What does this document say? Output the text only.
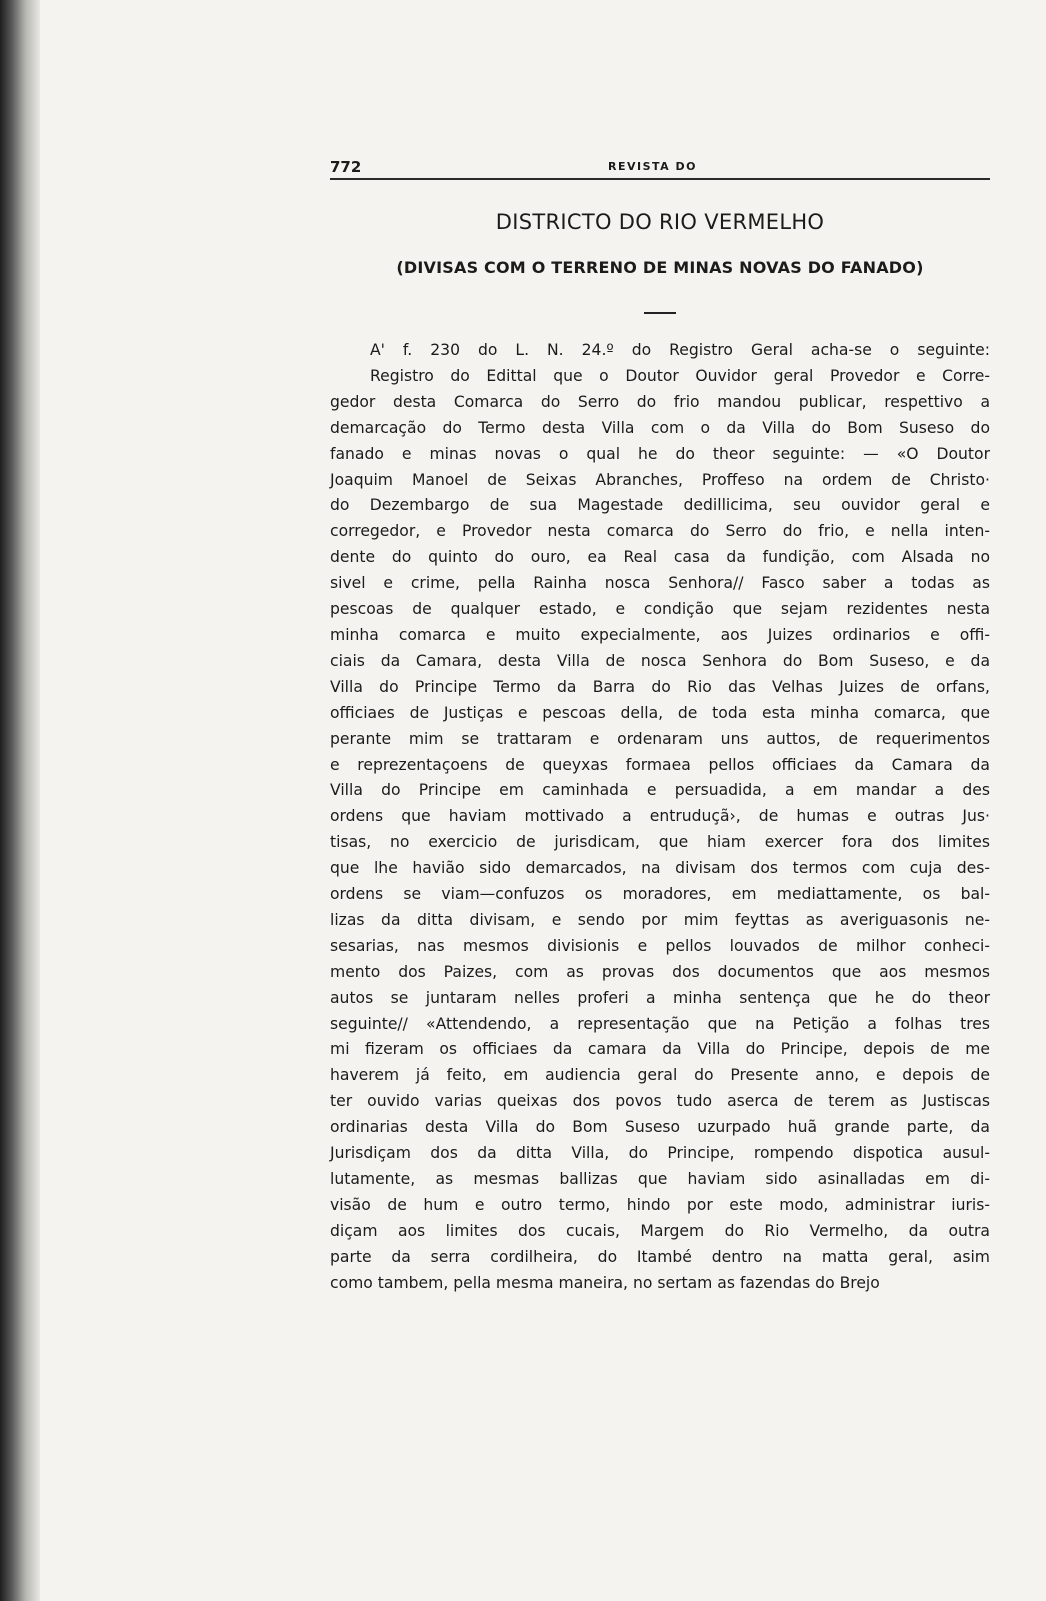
772	REVISTA DO
DISTRICTO DO RIO VERMELHO
(DIVISAS COM O TERRENO DE MINAS NOVAS DO FANADO)
A' f. 230 do L. N. 24.º do Registro Geral acha-se o seguinte:
Registro do Edittal que o Doutor Ouvidor geral Provedor e Corre-
gedor desta Comarca do Serro do frio mandou publicar, respettivo a
demarcação do Termo desta Villa com o da Villa do Bom Suseso do
fanado e minas novas o qual he do theor seguinte: — «O Doutor
Joaquim Manoel de Seixas Abranches, Proffeso na ordem de Christo·
do Dezembargo de sua Magestade dedillicima, seu ouvidor geral e
corregedor, e Provedor nesta comarca do Serro do frio, e nella inten-
dente do quinto do ouro, ea Real casa da fundição, com Alsada no
sivel e crime, pella Rainha nosca Senhora// Fasco saber a todas as
pescoas de qualquer estado, e condição que sejam rezidentes nesta
minha comarca e muito expecialmente, aos Juizes ordinarios e offi-
ciais da Camara, desta Villa de nosca Senhora do Bom Suseso, e da
Villa do Principe Termo da Barra do Rio das Velhas Juizes de orfans,
officiaes de Justiças e pescoas della, de toda esta minha comarca, que
perante mim se trattaram e ordenaram uns auttos, de requerimentos
e reprezentaçoens de queyxas formaea pellos officiaes da Camara da
Villa do Principe em caminhada e persuadida, a em mandar a des
ordens que haviam mottivado a entruduçã›, de humas e outras Jus·
tisas, no exercicio de jurisdicam, que hiam exercer fora dos limites
que lhe havião sido demarcados, na divisam dos termos com cuja des-
ordens se viam—confuzos os moradores, em mediattamente, os bal-
lizas da ditta divisam, e sendo por mim feyttas as averiguasonis ne-
sesarias, nas mesmos divisionis e pellos louvados de milhor conheci-
mento dos Paizes, com as provas dos documentos que aos mesmos
autos se juntaram nelles proferi a minha sentença que he do theor
seguinte// «Attendendo, a representação que na Petição a folhas tres
mi fizeram os officiaes da camara da Villa do Principe, depois de me
haverem já feito, em audiencia geral do Presente anno, e depois de
ter ouvido varias queixas dos povos tudo aserca de terem as Justiscas
ordinarias desta Villa do Bom Suseso uzurpado huã grande parte, da
Jurisdiçam dos da ditta Villa, do Principe, rompendo dispotica ausul-
lutamente, as mesmas ballizas que haviam sido asinalladas em di-
visão de hum e outro termo, hindo por este modo, administrar iuris-
diçam aos limites dos cucais, Margem do Rio Vermelho, da outra
parte da serra cordilheira, do Itambé dentro na matta geral, asim
como tambem, pella mesma maneira, no sertam as fazendas do Brejo
